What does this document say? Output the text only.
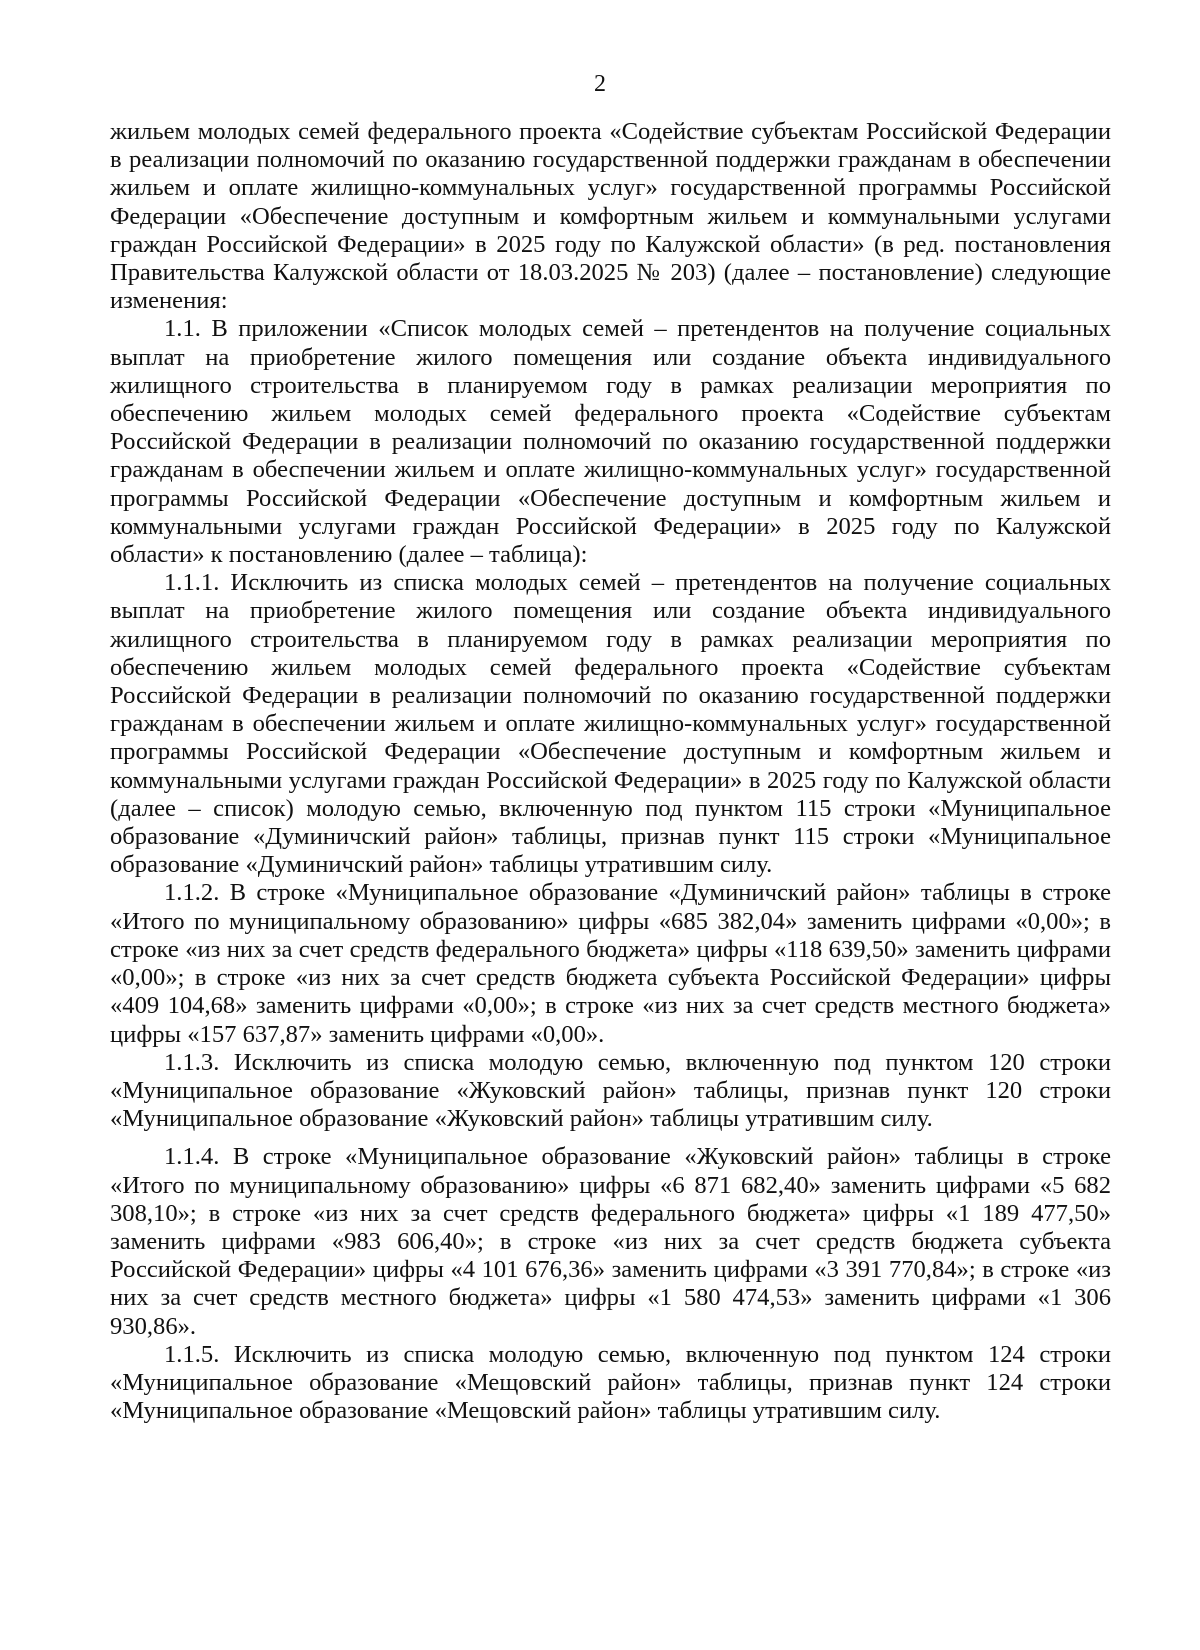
2

жильем молодых семей федерального проекта «Содействие субъектам Российской Федерации в реализации полномочий по оказанию государственной поддержки гражданам в обеспечении жильем и оплате жилищно-коммунальных услуг» государственной программы Российской Федерации «Обеспечение доступным и комфортным жильем и коммунальными услугами граждан Российской Федерации» в 2025 году по Калужской области» (в ред. постановления Правительства Калужской области от 18.03.2025 № 203) (далее – постановление) следующие изменения:

1.1. В приложении «Список молодых семей – претендентов на получение социальных выплат на приобретение жилого помещения или создание объекта индивидуального жилищного строительства в планируемом году в рамках реализации мероприятия по обеспечению жильем молодых семей федерального проекта «Содействие субъектам Российской Федерации в реализации полномочий по оказанию государственной поддержки гражданам в обеспечении жильем и оплате жилищно-коммунальных услуг» государственной программы Российской Федерации «Обеспечение доступным и комфортным жильем и коммунальными услугами граждан Российской Федерации» в 2025 году по Калужской области» к постановлению (далее – таблица):

1.1.1. Исключить из списка молодых семей – претендентов на получение социальных выплат на приобретение жилого помещения или создание объекта индивидуального жилищного строительства в планируемом году в рамках реализации мероприятия по обеспечению жильем молодых семей федерального проекта «Содействие субъектам Российской Федерации в реализации полномочий по оказанию государственной поддержки гражданам в обеспечении жильем и оплате жилищно-коммунальных услуг» государственной программы Российской Федерации «Обеспечение доступным и комфортным жильем и коммунальными услугами граждан Российской Федерации» в 2025 году по Калужской области (далее – список) молодую семью, включенную под пунктом 115 строки «Муниципальное образование «Думиничский район» таблицы, признав пункт 115 строки «Муниципальное образование «Думиничский район» таблицы утратившим силу.

1.1.2. В строке «Муниципальное образование «Думиничский район» таблицы в строке «Итого по муниципальному образованию» цифры «685 382,04» заменить цифрами «0,00»; в строке «из них за счет средств федерального бюджета» цифры «118 639,50» заменить цифрами «0,00»; в строке «из них за счет средств бюджета субъекта Российской Федерации» цифры «409 104,68» заменить цифрами «0,00»; в строке «из них за счет средств местного бюджета» цифры «157 637,87» заменить цифрами «0,00».

1.1.3. Исключить из списка молодую семью, включенную под пунктом 120 строки «Муниципальное образование «Жуковский район» таблицы, признав пункт 120 строки «Муниципальное образование «Жуковский район» таблицы утратившим силу.

1.1.4. В строке «Муниципальное образование «Жуковский район» таблицы в строке «Итого по муниципальному образованию» цифры «6 871 682,40» заменить цифрами «5 682 308,10»; в строке «из них за счет средств федерального бюджета» цифры «1 189 477,50» заменить цифрами «983 606,40»; в строке «из них за счет средств бюджета субъекта Российской Федерации» цифры «4 101 676,36» заменить цифрами «3 391 770,84»; в строке «из них за счет средств местного бюджета» цифры «1 580 474,53» заменить цифрами «1 306 930,86».

1.1.5. Исключить из списка молодую семью, включенную под пунктом 124 строки «Муниципальное образование «Мещовский район» таблицы, признав пункт 124 строки «Муниципальное образование «Мещовский район» таблицы утратившим силу.
